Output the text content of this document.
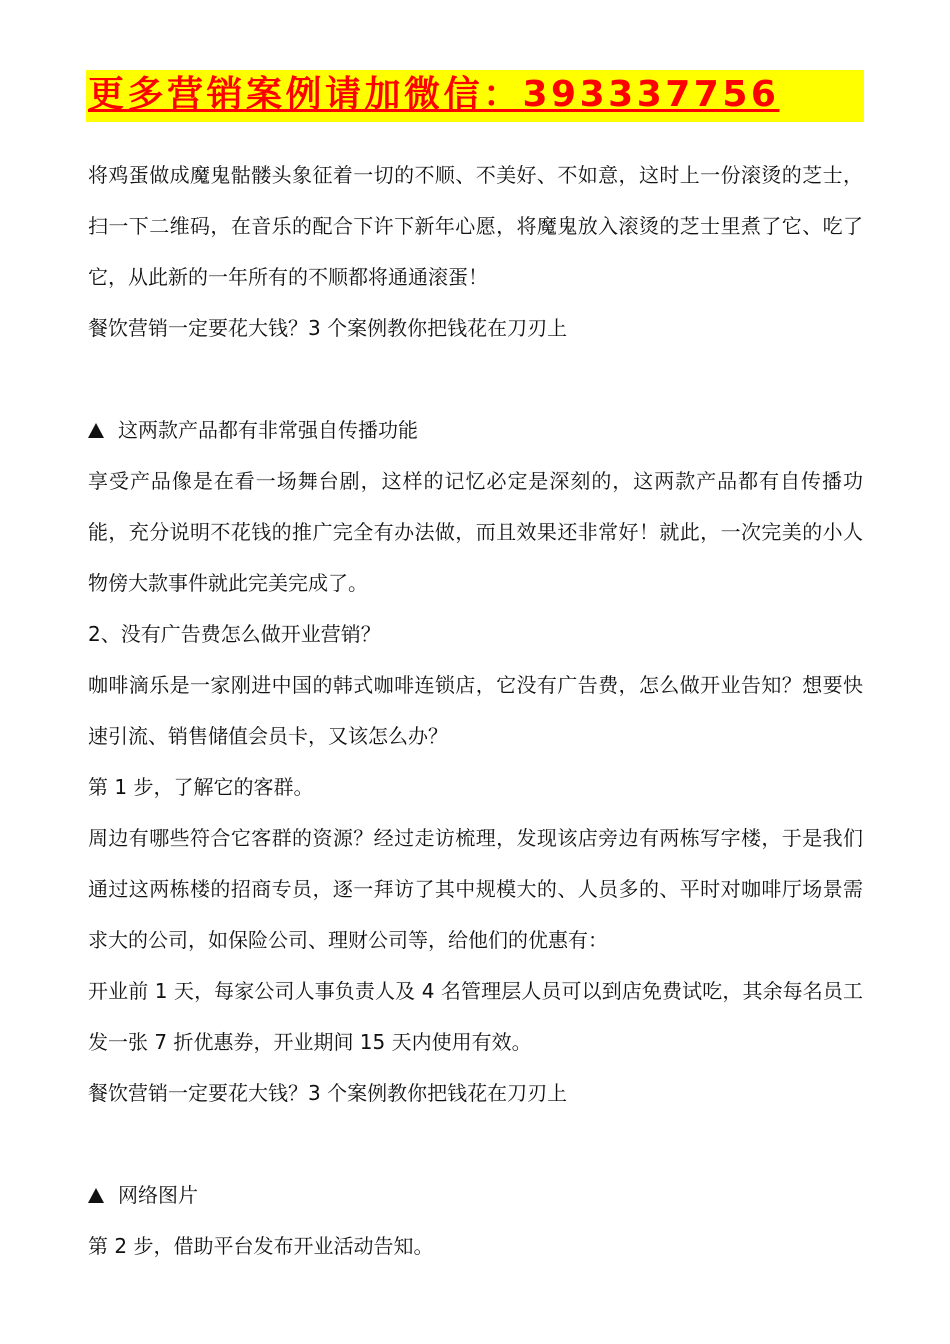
更多营销案例请加微信：393337756

将鸡蛋做成魔鬼骷髅头象征着一切的不顺、不美好、不如意，这时上一份滚烫的芝士，扫一下二维码，在音乐的配合下许下新年心愿，将魔鬼放入滚烫的芝士里煮了它、吃了它，从此新的一年所有的不顺都将通通滚蛋！

餐饮营销一定要花大钱？3 个案例教你把钱花在刀刃上

这两款产品都有非常强自传播功能

享受产品像是在看一场舞台剧，这样的记忆必定是深刻的，这两款产品都有自传播功能，充分说明不花钱的推广完全有办法做，而且效果还非常好！就此，一次完美的小人物傍大款事件就此完美完成了。

2、没有广告费怎么做开业营销？

咖啡滴乐是一家刚进中国的韩式咖啡连锁店，它没有广告费，怎么做开业告知？想要快速引流、销售储值会员卡，又该怎么办？

第 1 步，了解它的客群。

周边有哪些符合它客群的资源？经过走访梳理，发现该店旁边有两栋写字楼，于是我们通过这两栋楼的招商专员，逐一拜访了其中规模大的、人员多的、平时对咖啡厅场景需求大的公司，如保险公司、理财公司等，给他们的优惠有：

开业前 1 天，每家公司人事负责人及 4 名管理层人员可以到店免费试吃，其余每名员工发一张 7 折优惠券，开业期间 15 天内使用有效。

餐饮营销一定要花大钱？3 个案例教你把钱花在刀刃上

网络图片

第 2 步，借助平台发布开业活动告知。
